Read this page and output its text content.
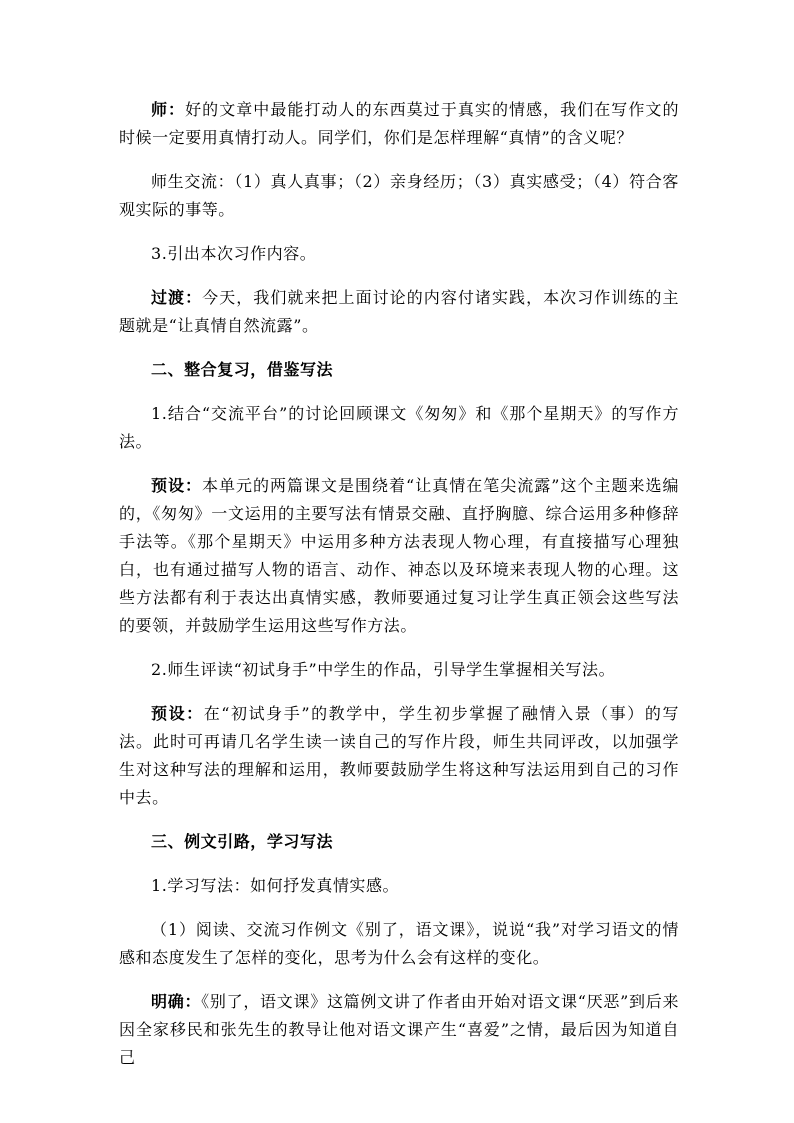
师：好的文章中最能打动人的东西莫过于真实的情感，我们在写作文的时候一定要用真情打动人。同学们，你们是怎样理解“真情”的含义呢？

师生交流：（1）真人真事；（2）亲身经历；（3）真实感受；（4）符合客观实际的事等。

3.引出本次习作内容。

过渡：今天，我们就来把上面讨论的内容付诸实践，本次习作训练的主题就是“让真情自然流露”。

二、整合复习，借鉴写法

1.结合“交流平台”的讨论回顾课文《匆匆》和《那个星期天》的写作方法。

预设：本单元的两篇课文是围绕着“让真情在笔尖流露”这个主题来选编的，《匆匆》一文运用的主要写法有情景交融、直抒胸臆、综合运用多种修辞手法等。《那个星期天》中运用多种方法表现人物心理，有直接描写心理独白，也有通过描写人物的语言、动作、神态以及环境来表现人物的心理。这些方法都有利于表达出真情实感，教师要通过复习让学生真正领会这些写法的要领，并鼓励学生运用这些写作方法。

2.师生评读“初试身手”中学生的作品，引导学生掌握相关写法。

预设：在“初试身手”的教学中，学生初步掌握了融情入景（事）的写法。此时可再请几名学生读一读自己的写作片段，师生共同评改，以加强学生对这种写法的理解和运用，教师要鼓励学生将这种写法运用到自己的习作中去。

三、例文引路，学习写法

1.学习写法：如何抒发真情实感。

（1）阅读、交流习作例文《别了，语文课》，说说“我”对学习语文的情感和态度发生了怎样的变化，思考为什么会有这样的变化。

明确：《别了，语文课》这篇例文讲了作者由开始对语文课“厌恶”到后来因全家移民和张先生的教导让他对语文课产生“喜爱”之情，最后因为知道自己
